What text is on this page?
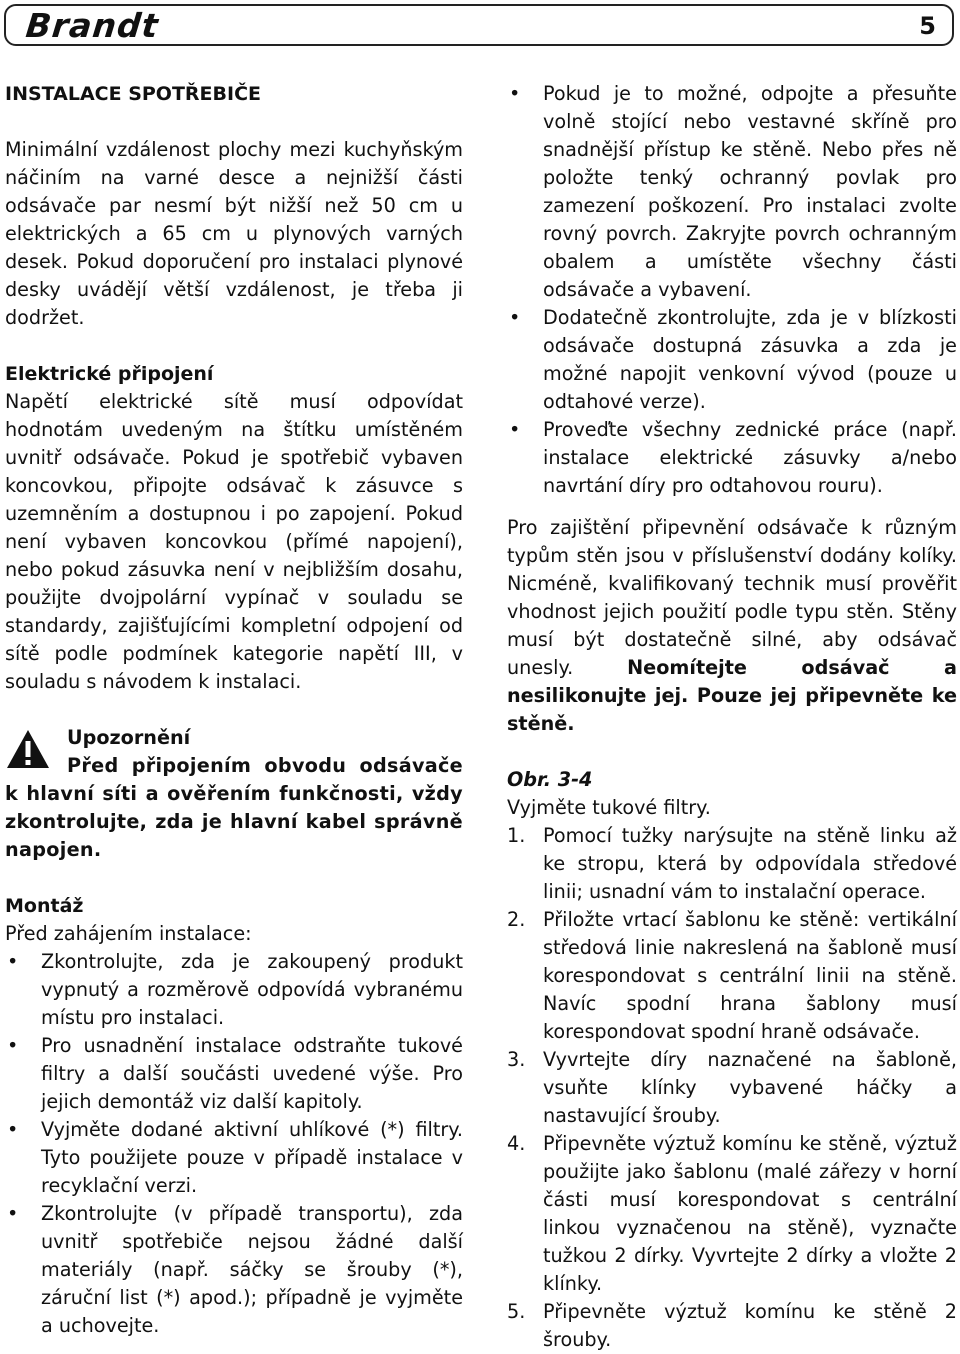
Brandt	5
INSTALACE SPOTŘEBIČE

Minimální vzdálenost plochy mezi kuchyňským náčiním na varné desce a nejnižší části odsávače par nesmí být nižší než 50 cm u elektrických a 65 cm u plynových varných desek. Pokud doporučení pro instalaci plynové desky uvádějí větší vzdálenost, je třeba ji dodržet.

Elektrické připojení

Napětí elektrické sítě musí odpovídat hodnotám uvedeným na štítku umístěném uvnitř odsávače. Pokud je spotřebič vybaven koncovkou, připojte odsávač k zásuvce s uzemněním a dostupnou i po zapojení. Pokud není vybaven koncovkou (přímé napojení), nebo pokud zásuvka není v nejbližším dosahu, použijte dvojpolární vypínač v souladu se standardy, zajišťujícími kompletní odpojení od sítě podle podmínek kategorie napětí III, v souladu s návodem k instalaci.

Upozornění
Před připojením obvodu odsávače k hlavní síti a ověřením funkčnosti, vždy zkontrolujte, zda je hlavní kabel správně napojen.
Montáž

Před zahájením instalace:

• Zkontrolujte, zda je zakoupený produkt vypnutý a rozměrově odpovídá vybranému místu pro instalaci.
• Pro usnadnění instalace odstraňte tukové filtry a další součásti uvedené výše. Pro jejich demontáž viz další kapitoly.
• Vyjměte dodané aktivní uhlíkové (*) filtry. Tyto použijete pouze v případě instalace v recyklační verzi.
• Zkontrolujte (v případě transportu), zda uvnitř spotřebiče nejsou žádné další materiály (např. sáčky se šrouby (*), záruční list (*) apod.); případně je vyjměte a uchovejte.
• Pokud je to možné, odpojte a přesuňte volně stojící nebo vestavné skříně pro snadnější přístup ke stěně. Nebo přes ně položte tenký ochranný povlak pro zamezení poškození. Pro instalaci zvolte rovný povrch. Zakryjte povrch ochranným obalem a umístěte všechny části odsávače a vybavení.
• Dodatečně zkontrolujte, zda je v blízkosti odsávače dostupná zásuvka a zda je možné napojit venkovní vývod (pouze u odtahové verze).
• Proveďte všechny zednické práce (např. instalace elektrické zásuvky a/nebo navrtání díry pro odtahovou rouru).

Pro zajištění připevnění odsávače k různým typům stěn jsou v příslušenství dodány kolíky. Nicméně, kvalifikovaný technik musí prověřit vhodnost jejich použití podle typu stěn. Stěny musí být dostatečně silné, aby odsávač unesly.	Neomítejte odsávač a nesilikonujte jej. Pouze jej připevněte ke stěně.

Obr. 3-4

Vyjměte tukové filtry.

1. Pomocí tužky narýsujte na stěně linku až ke stropu, která by odpovídala středové linii; usnadní vám to instalační operace.
2. Přiložte vrtací šablonu ke stěně: vertikální středová linie nakreslená na šabloně musí korespondovat s centrální linii na stěně. Navíc spodní hrana šablony musí korespondovat spodní hraně odsávače.
3. Vyvrtejte díry naznačené na šabloně, vsuňte klínky vybavené háčky a nastavující šrouby.
4. Připevněte výztuž komínu ke stěně, výztuž použijte jako šablonu (malé zářezy v horní části musí korespondovat s centrální linkou vyznačenou na stěně), vyznačte tužkou 2 dírky. Vyvrtejte 2 dírky a vložte 2 klínky.
5. Připevněte výztuž komínu ke stěně 2 šrouby.
